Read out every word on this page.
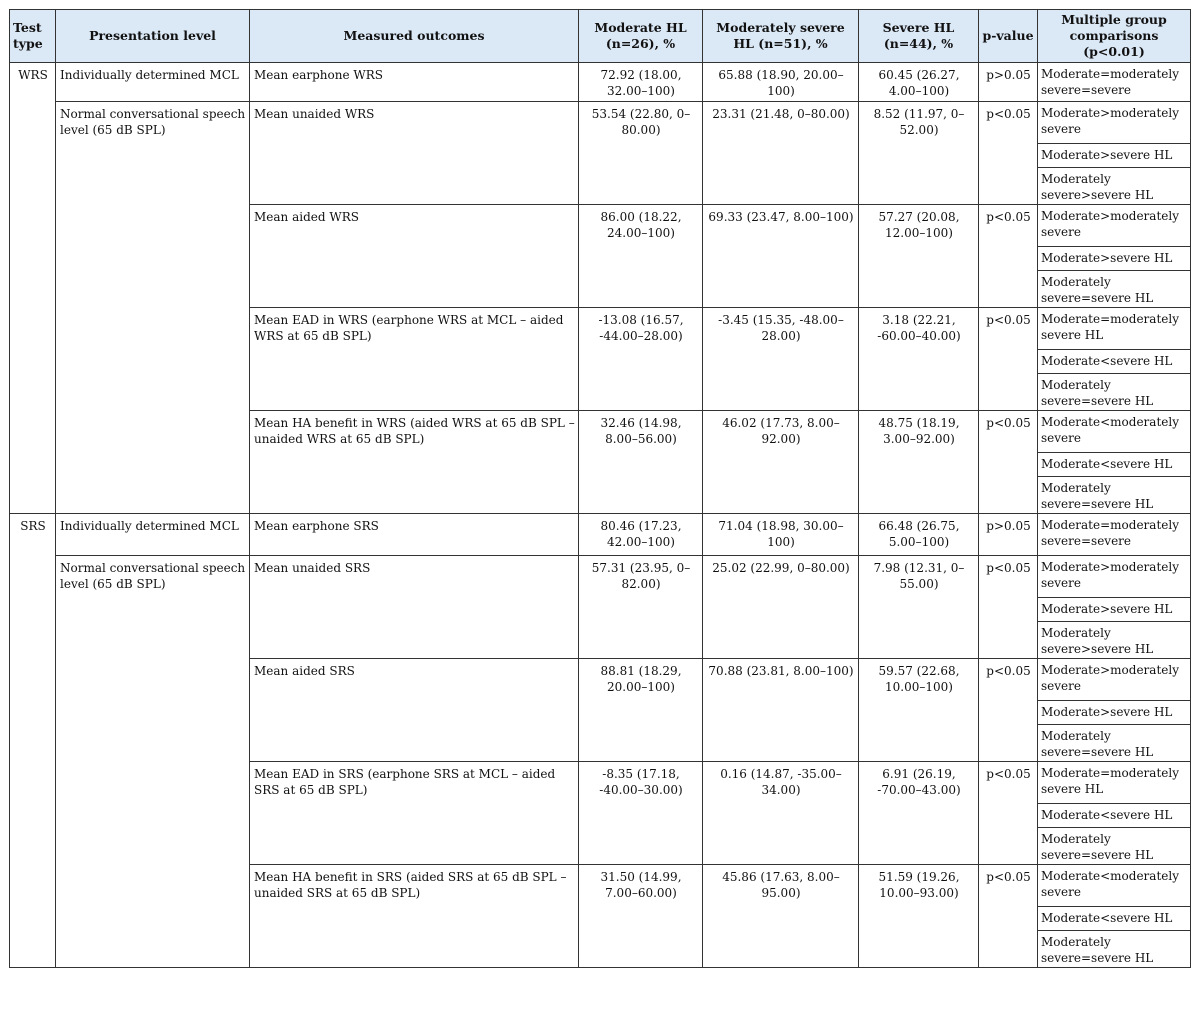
Test type	Presentation level	Measured outcomes	Moderate HL (n=26), %	Moderately severe HL (n=51), %	Severe HL (n=44), %	p-value	Multiple group comparisons (p<0.01)
WRS	Individually determined MCL	Mean earphone WRS	72.92 (18.00, 32.00–100)	65.88 (18.90, 20.00–100)	60.45 (26.27, 4.00–100)	p>0.05	Moderate=moderately severe=severe
	Normal conversational speech level (65 dB SPL)	Mean unaided WRS	53.54 (22.80, 0–80.00)	23.31 (21.48, 0–80.00)	8.52 (11.97, 0–52.00)	p<0.05	Moderate>moderately severe
							Moderate>severe HL
							Moderately severe>severe HL
		Mean aided WRS	86.00 (18.22, 24.00–100)	69.33 (23.47, 8.00–100)	57.27 (20.08, 12.00–100)	p<0.05	Moderate>moderately severe
							Moderate>severe HL
							Moderately severe=severe HL
		Mean EAD in WRS (earphone WRS at MCL – aided WRS at 65 dB SPL)	-13.08 (16.57, -44.00–28.00)	-3.45 (15.35, -48.00–28.00)	3.18 (22.21, -60.00–40.00)	p<0.05	Moderate=moderately severe HL
							Moderate<severe HL
							Moderately severe=severe HL
		Mean HA benefit in WRS (aided WRS at 65 dB SPL – unaided WRS at 65 dB SPL)	32.46 (14.98, 8.00–56.00)	46.02 (17.73, 8.00–92.00)	48.75 (18.19, 3.00–92.00)	p<0.05	Moderate<moderately severe
							Moderate<severe HL
							Moderately severe=severe HL
SRS	Individually determined MCL	Mean earphone SRS	80.46 (17.23, 42.00–100)	71.04 (18.98, 30.00–100)	66.48 (26.75, 5.00–100)	p>0.05	Moderate=moderately severe=severe
	Normal conversational speech level (65 dB SPL)	Mean unaided SRS	57.31 (23.95, 0–82.00)	25.02 (22.99, 0–80.00)	7.98 (12.31, 0–55.00)	p<0.05	Moderate>moderately severe
							Moderate>severe HL
							Moderately severe>severe HL
		Mean aided SRS	88.81 (18.29, 20.00–100)	70.88 (23.81, 8.00–100)	59.57 (22.68, 10.00–100)	p<0.05	Moderate>moderately severe
							Moderate>severe HL
							Moderately severe=severe HL
		Mean EAD in SRS (earphone SRS at MCL – aided SRS at 65 dB SPL)	-8.35 (17.18, -40.00–30.00)	0.16 (14.87, -35.00–34.00)	6.91 (26.19, -70.00–43.00)	p<0.05	Moderate=moderately severe HL
							Moderate<severe HL
							Moderately severe=severe HL
		Mean HA benefit in SRS (aided SRS at 65 dB SPL – unaided SRS at 65 dB SPL)	31.50 (14.99, 7.00–60.00)	45.86 (17.63, 8.00–95.00)	51.59 (19.26, 10.00–93.00)	p<0.05	Moderate<moderately severe
							Moderate<severe HL
							Moderately severe=severe HL
